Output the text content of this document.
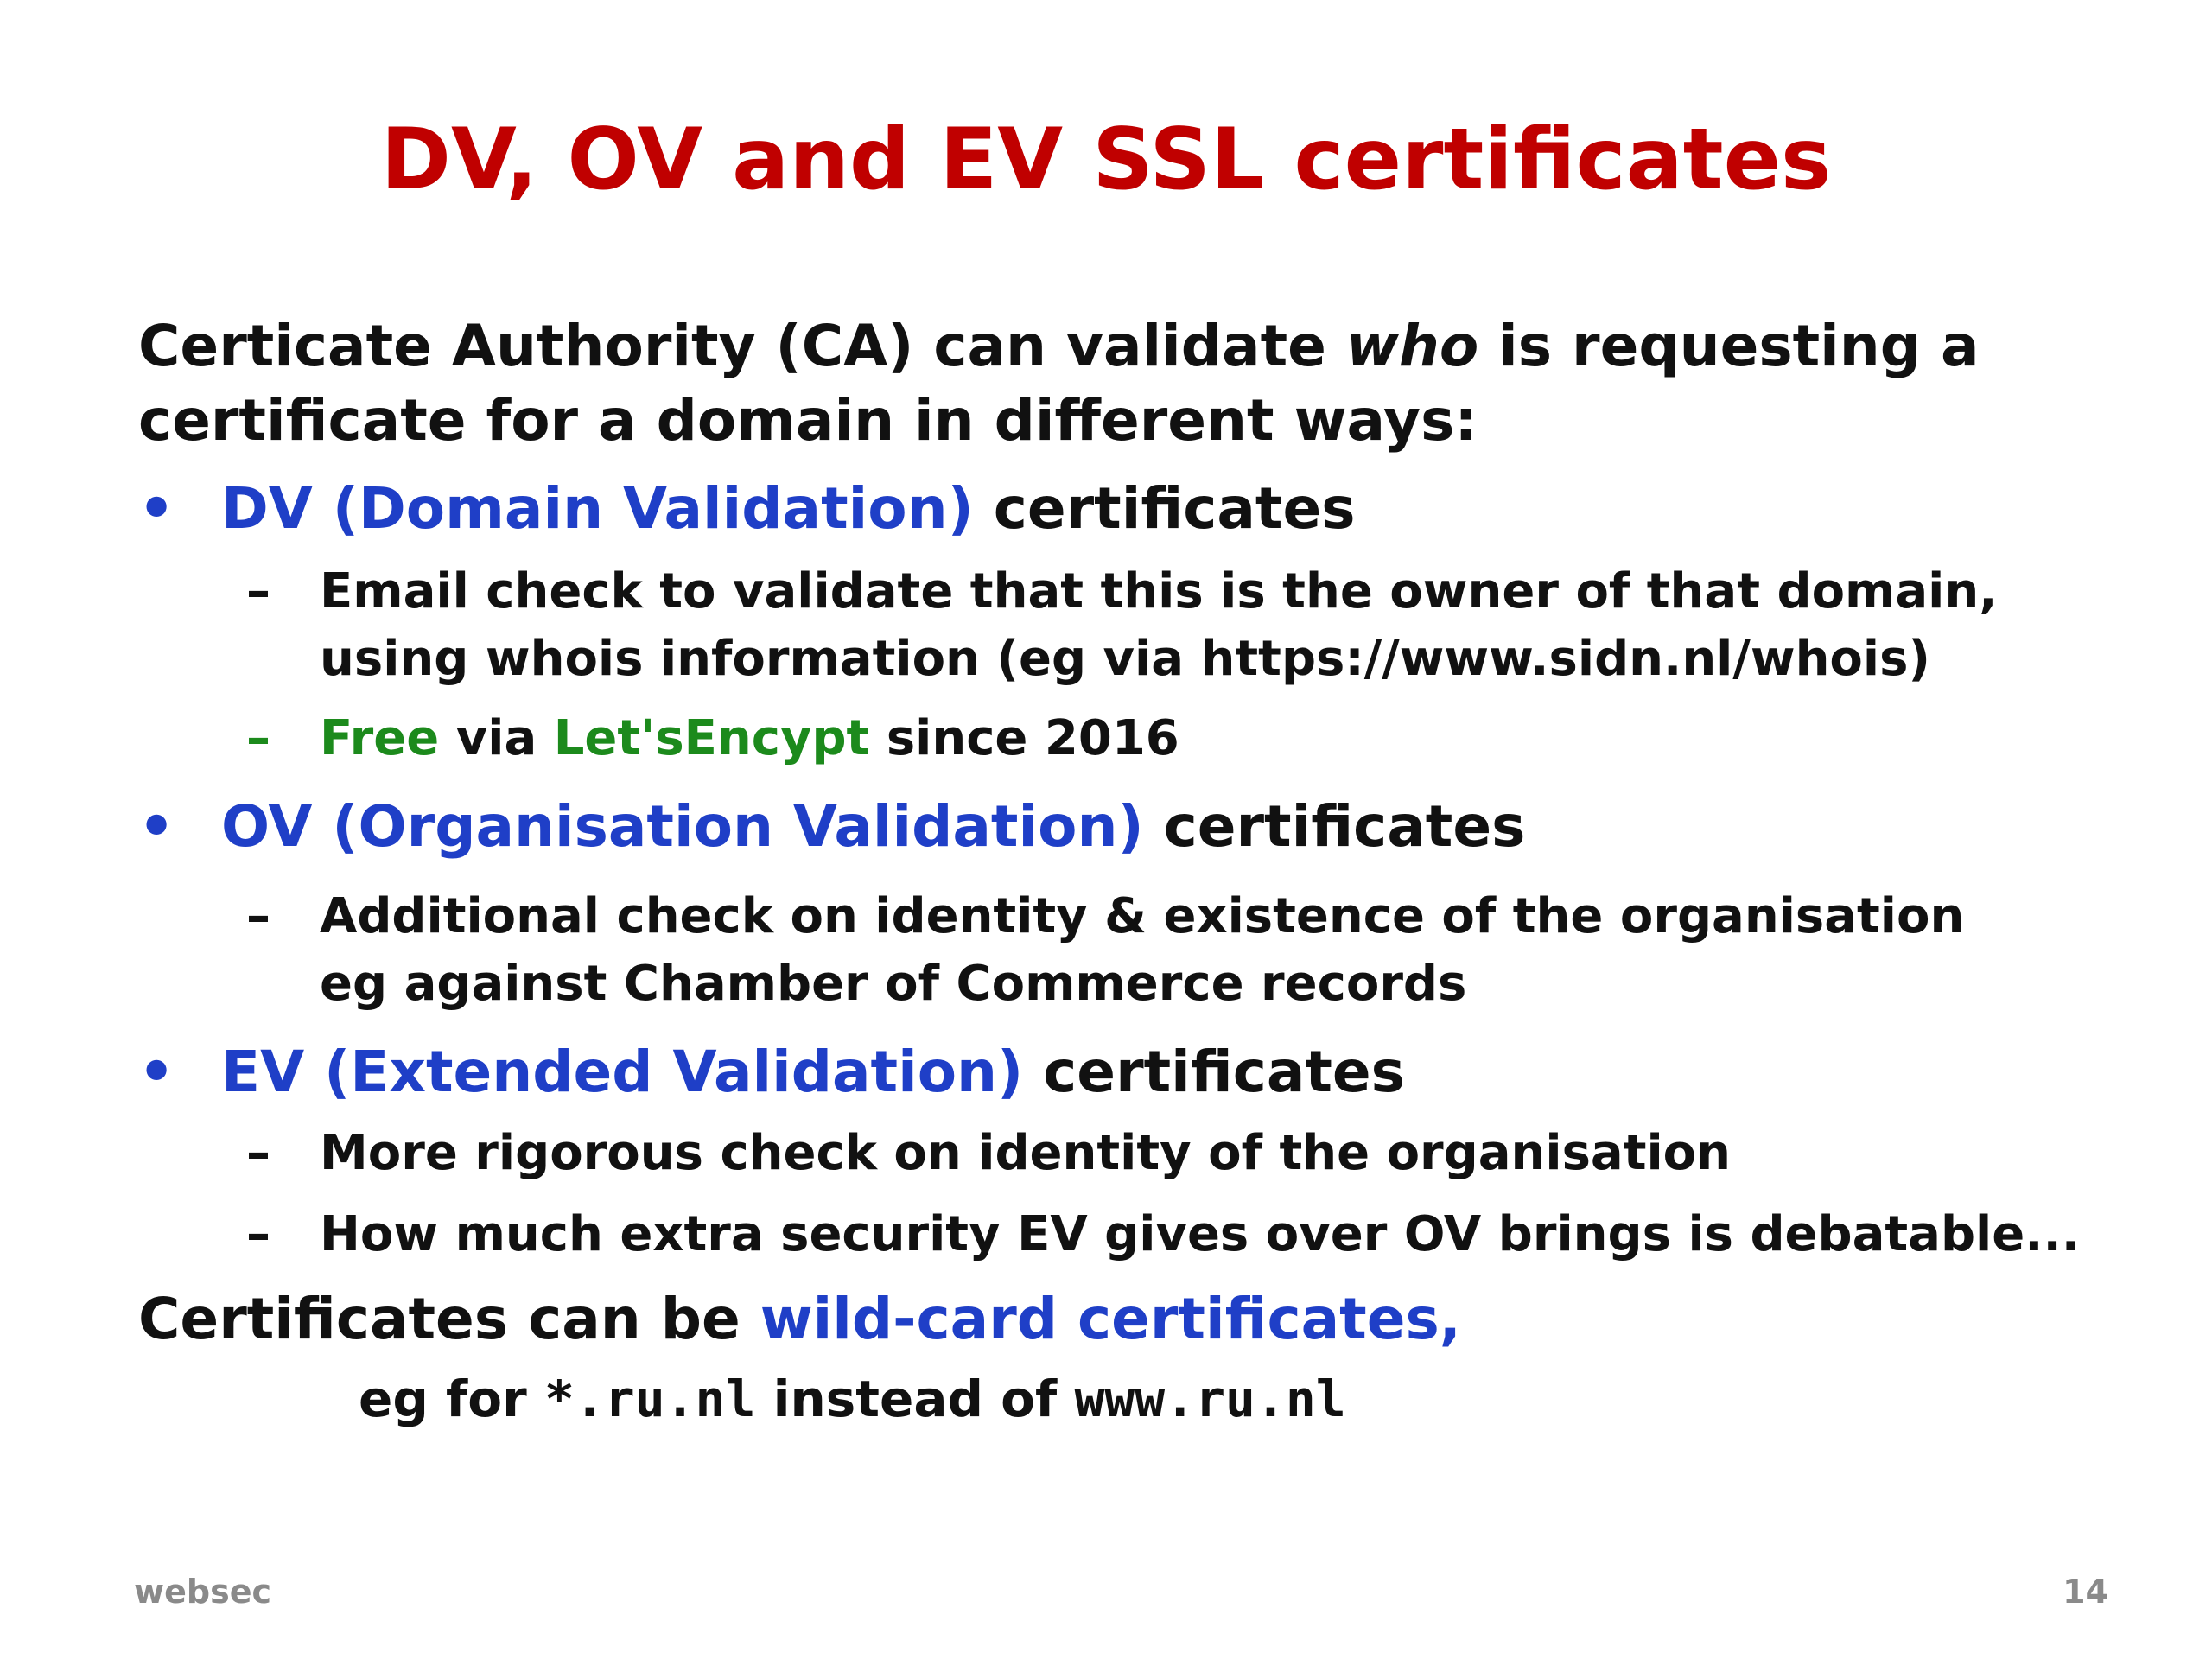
DV, OV and EV SSL certificates
Certicate Authority (CA) can validate who is requesting a
certificate for a domain in different ways:
• DV (Domain Validation) certificates
– Email check to validate that this is the owner of that domain,
using whois information (eg via https://www.sidn.nl/whois)
– Free via Let'sEncypt since 2016
• OV (Organisation Validation) certificates
– Additional check on identity & existence of the organisation
eg against Chamber of Commerce records
• EV (Extended Validation) certificates
– More rigorous check on identity of the organisation
– How much extra security EV gives over OV brings is debatable...
Certificates can be wild-card certificates,
eg for *.ru.nl instead of www.ru.nl
websec	14
